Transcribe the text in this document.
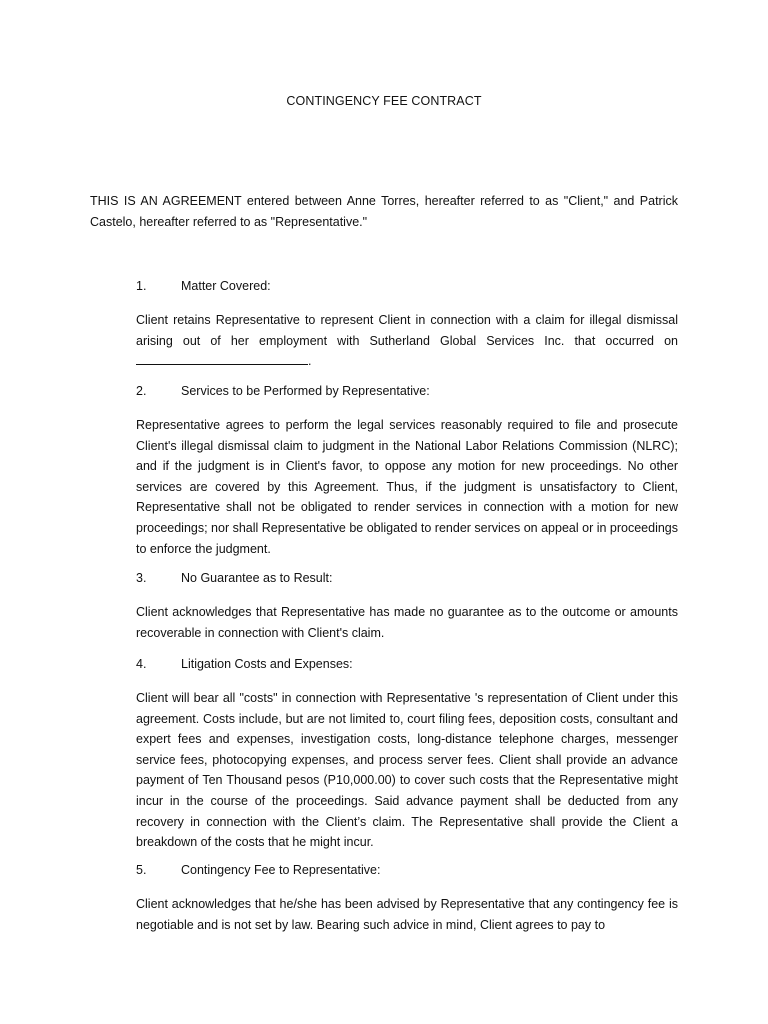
CONTINGENCY FEE CONTRACT

THIS IS AN AGREEMENT entered between Anne Torres, hereafter referred to as "Client," and Patrick Castelo, hereafter referred to as "Representative."

1.	Matter Covered:

Client retains Representative to represent Client in connection with a claim for illegal dismissal arising out of her employment with Sutherland Global Services Inc. that occurred on .

2.	Services to be Performed by Representative:

Representative agrees to perform the legal services reasonably required to file and prosecute Client's illegal dismissal claim to judgment in the National Labor Relations Commission (NLRC); and if the judgment is in Client's favor, to oppose any motion for new proceedings. No other services are covered by this Agreement. Thus, if the judgment is unsatisfactory to Client, Representative shall not be obligated to render services in connection with a motion for new proceedings; nor shall Representative be obligated to render services on appeal or in proceedings to enforce the judgment.

3.	No Guarantee as to Result:

Client acknowledges that Representative has made no guarantee as to the outcome or amounts recoverable in connection with Client's claim.

4.	Litigation Costs and Expenses:

Client will bear all "costs" in connection with Representative 's representation of Client under this agreement. Costs include, but are not limited to, court filing fees, deposition costs, consultant and expert fees and expenses, investigation costs, long-distance telephone charges, messenger service fees, photocopying expenses, and process server fees. Client shall provide an advance payment of Ten Thousand pesos (P10,000.00) to cover such costs that the Representative might incur in the course of the proceedings. Said advance payment shall be deducted from any recovery in connection with the Client’s claim. The Representative shall provide the Client a breakdown of the costs that he might incur.

5.	Contingency Fee to Representative:

Client acknowledges that he/she has been advised by Representative that any contingency fee is negotiable and is not set by law. Bearing such advice in mind, Client agrees to pay to
